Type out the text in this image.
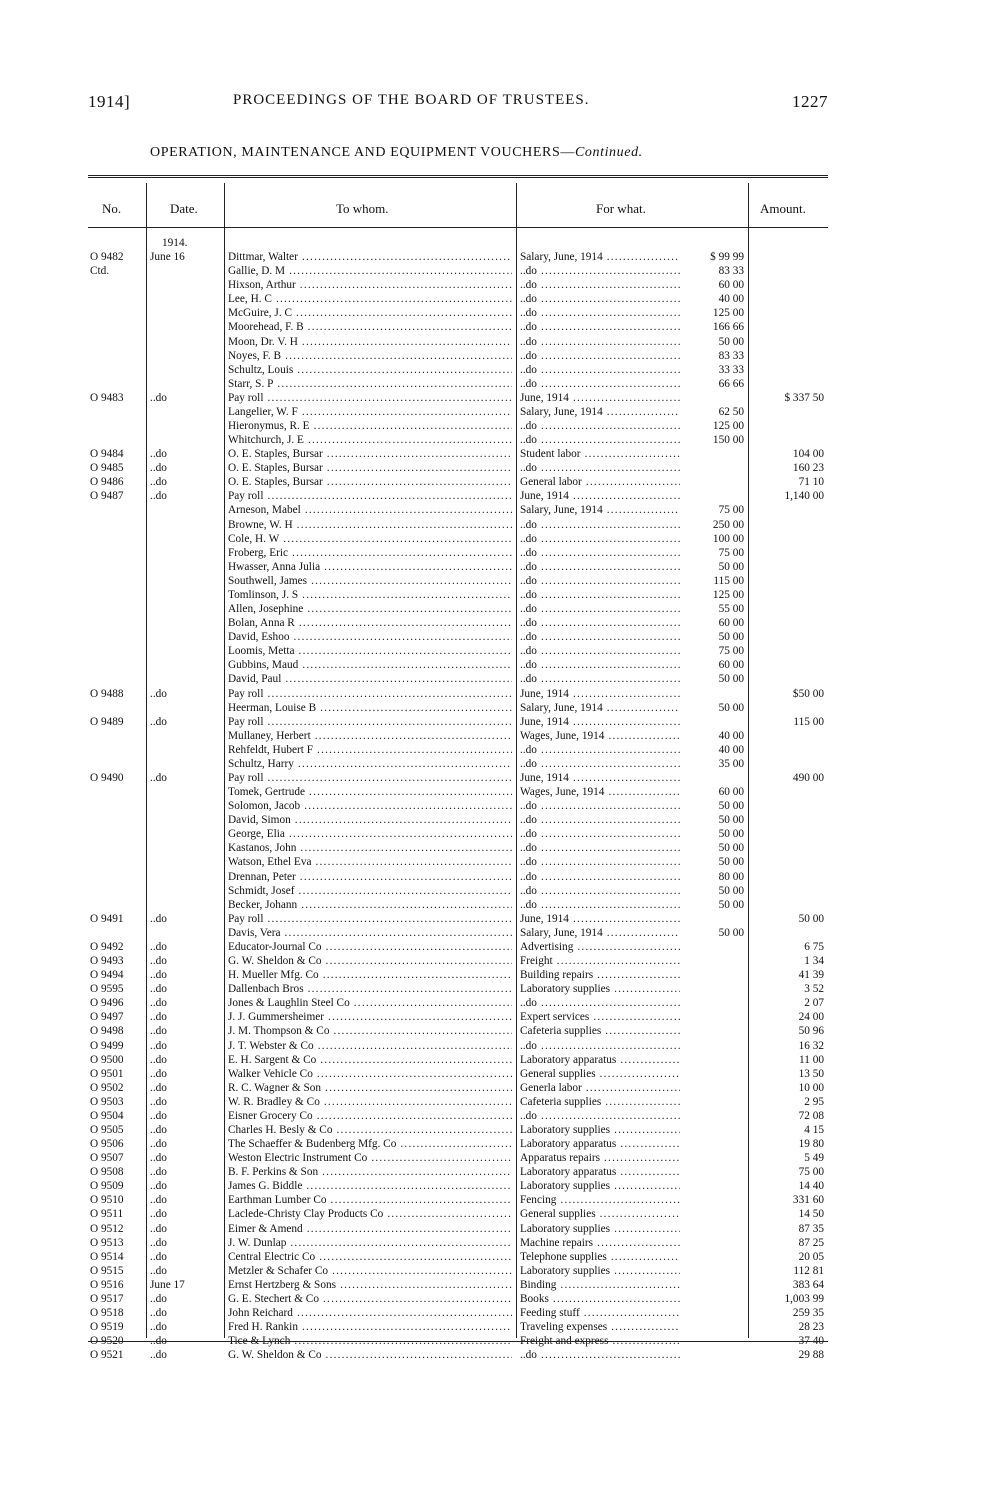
1914]	PROCEEDINGS OF THE BOARD OF TRUSTEES.	1227
OPERATION, MAINTENANCE AND EQUIPMENT VOUCHERS—Continued.
No.	Date.	To whom.	For what.	Amount.
1914.
O 9482	June 16	Dittmar, Walter .....	Salary, June, 1914 .....	$ 99 99
Ctd.	Gallie, D. M .....	..do .....	83 33
Hixson, Arthur .....	..do .....	60 00
Lee, H. C .....	..do .....	40 00
McGuire, J. C .....	..do .....	125 00
Moorehead, F. B .....	..do .....	166 66
Moon, Dr. V. H .....	..do .....	50 00
Noyes, F. B .....	..do .....	83 33
Schultz, Louis .....	..do .....	33 33
Starr, S. P .....	..do .....	66 66
O 9483	..do	Pay roll .....	June, 1914 .....	$ 337 50
Langelier, W. F .....	Salary, June, 1914 .....	62 50
Hieronymus, R. E .....	..do .....	125 00
Whitchurch, J. E .....	..do .....	150 00
O 9484	..do	O. E. Staples, Bursar .....	Student labor .....	104 00
O 9485	..do	O. E. Staples, Bursar .....	..do .....	160 23
O 9486	..do	O. E. Staples, Bursar .....	General labor .....	71 10
O 9487	..do	Pay roll .....	June, 1914 .....	1,140 00
Arneson, Mabel .....	Salary, June, 1914 .....	75 00
Browne, W. H .....	..do .....	250 00
Cole, H. W .....	..do .....	100 00
Froberg, Eric .....	..do .....	75 00
Hwasser, Anna Julia .....	..do .....	50 00
Southwell, James .....	..do .....	115 00
Tomlinson, J. S .....	..do .....	125 00
Allen, Josephine .....	..do .....	55 00
Bolan, Anna R .....	..do .....	60 00
David, Eshoo .....	..do .....	50 00
Loomis, Metta .....	..do .....	75 00
Gubbins, Maud .....	..do .....	60 00
David, Paul .....	..do .....	50 00
O 9488	..do	Pay roll .....	June, 1914 .....	$50 00
Heerman, Louise B .....	Salary, June, 1914 .....	50 00
O 9489	..do	Pay roll .....	June, 1914 .....	115 00
Mullaney, Herbert .....	Wages, June, 1914 .....	40 00
Rehfeldt, Hubert F .....	..do .....	40 00
Schultz, Harry .....	..do .....	35 00
O 9490	..do	Pay roll .....	June, 1914 .....	490 00
Tomek, Gertrude .....	Wages, June, 1914 .....	60 00
Solomon, Jacob .....	..do .....	50 00
David, Simon .....	..do .....	50 00
George, Elia .....	..do .....	50 00
Kastanos, John .....	..do .....	50 00
Watson, Ethel Eva .....	..do .....	50 00
Drennan, Peter .....	..do .....	80 00
Schmidt, Josef .....	..do .....	50 00
Becker, Johann .....	..do .....	50 00
O 9491	..do	Pay roll .....	June, 1914 .....	50 00
Davis, Vera .....	Salary, June, 1914 .....	50 00
O 9492	..do	Educator-Journal Co .....	Advertising .....	6 75
O 9493	..do	G. W. Sheldon & Co .....	Freight .....	1 34
O 9494	..do	H. Mueller Mfg. Co .....	Building repairs .....	41 39
O 9595	..do	Dallenbach Bros .....	Laboratory supplies .....	3 52
O 9496	..do	Jones & Laughlin Steel Co .....	..do .....	2 07
O 9497	..do	J. J. Gummersheimer .....	Expert services .....	24 00
O 9498	..do	J. M. Thompson & Co .....	Cafeteria supplies .....	50 96
O 9499	..do	J. T. Webster & Co .....	..do .....	16 32
O 9500	..do	E. H. Sargent & Co .....	Laboratory apparatus .....	11 00
O 9501	..do	Walker Vehicle Co .....	General supplies .....	13 50
O 9502	..do	R. C. Wagner & Son .....	Generla labor .....	10 00
O 9503	..do	W. R. Bradley & Co .....	Cafeteria supplies .....	2 95
O 9504	..do	Eisner Grocery Co .....	..do .....	72 08
O 9505	..do	Charles H. Besly & Co .....	Laboratory supplies .....	4 15
O 9506	..do	The Schaeffer & Budenberg Mfg. Co .....	Laboratory apparatus .....	19 80
O 9507	..do	Weston Electric Instrument Co .....	Apparatus repairs .....	5 49
O 9508	..do	B. F. Perkins & Son .....	Laboratory apparatus .....	75 00
O 9509	..do	James G. Biddle .....	Laboratory supplies .....	14 40
O 9510	..do	Earthman Lumber Co .....	Fencing .....	331 60
O 9511	..do	Laclede-Christy Clay Products Co .....	General supplies .....	14 50
O 9512	..do	Eimer & Amend .....	Laboratory supplies .....	87 35
O 9513	..do	J. W. Dunlap .....	Machine repairs .....	87 25
O 9514	..do	Central Electric Co .....	Telephone supplies .....	20 05
O 9515	..do	Metzler & Schafer Co .....	Laboratory supplies .....	112 81
O 9516	June 17	Ernst Hertzberg & Sons .....	Binding .....	383 64
O 9517	..do	G. E. Stechert & Co .....	Books .....	1,003 99
O 9518	..do	John Reichard .....	Feeding stuff .....	259 35
O 9519	..do	Fred H. Rankin .....	Traveling expenses .....	28 23
O 9520	..do	Tice & Lynch .....	Freight and express .....	37 40
O 9521	..do	G. W. Sheldon & Co .....	..do .....	29 88
